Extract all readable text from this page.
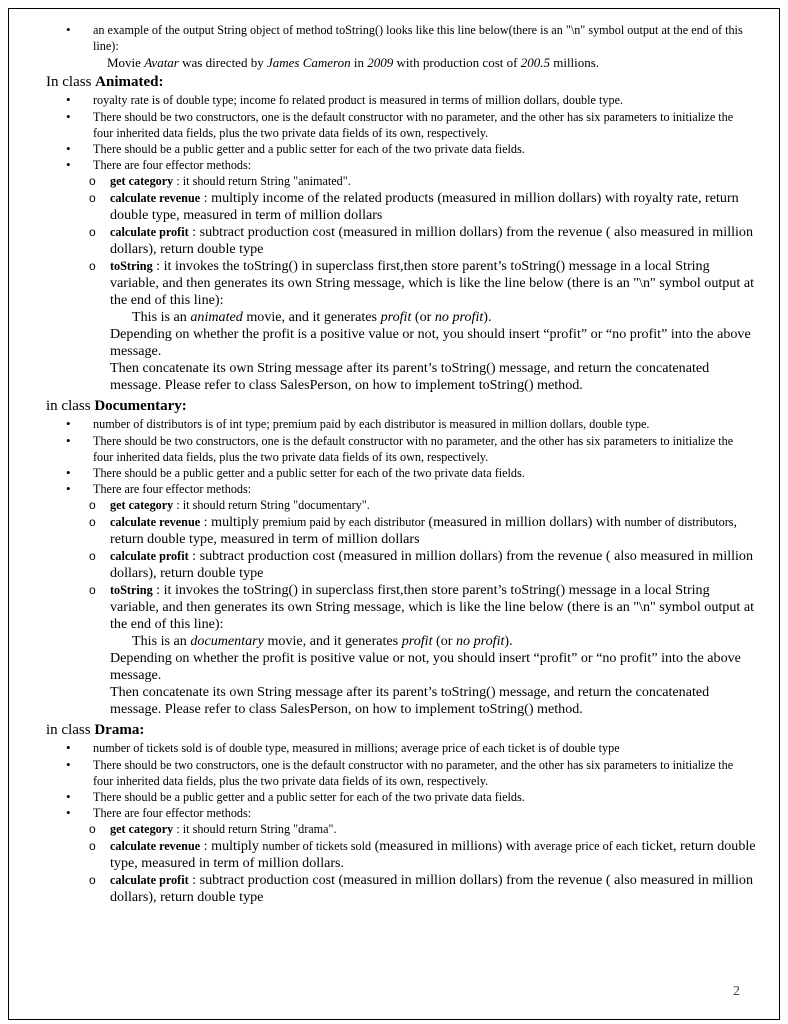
• an example of the output String object of method toString() looks like this line below(there is an "\n" symbol output at the end of this line):
Movie Avatar was directed by James Cameron in 2009 with production cost of 200.5 millions.
In class Animated:
• royalty rate is of double type; income fo related product is measured in terms of million dollars, double type.
• There should be two constructors, one is the default constructor with no parameter, and the other has six parameters to initialize the four inherited data fields, plus the two private data fields of its own, respectively.
• There should be a public getter and a public setter for each of the two private data fields.
• There are four effector methods:
o get category : it should return String "animated".
o calculate revenue : multiply income of the related products (measured in million dollars) with royalty rate, return double type, measured in term of million dollars
o calculate profit : subtract production cost (measured in million dollars) from the revenue ( also measured in million dollars), return double type
o toString : it invokes the toString() in superclass first,then store parent’s toString() message in a local String variable, and then generates its own String message, which is like the line below (there is an "\n" symbol output at the end of this line):
This is an animated movie, and it generates profit (or no profit).
Depending on whether the profit is a positive value or not, you should insert “profit” or “no profit” into the above message.
Then concatenate its own String message after its parent’s toString() message, and return the concatenated message. Please refer to class SalesPerson, on how to implement toString() method.
in class Documentary:
• number of distributors is of int type; premium paid by each distributor is measured in million dollars, double type.
• There should be two constructors, one is the default constructor with no parameter, and the other has six parameters to initialize the four inherited data fields, plus the two private data fields of its own, respectively.
• There should be a public getter and a public setter for each of the two private data fields.
• There are four effector methods:
o get category : it should return String "documentary".
o calculate revenue : multiply premium paid by each distributor (measured in million dollars) with number of distributors, return double type, measured in term of million dollars
o calculate profit : subtract production cost (measured in million dollars) from the revenue ( also measured in million dollars), return double type
o toString : it invokes the toString() in superclass first,then store parent’s toString() message in a local String variable, and then generates its own String message, which is like the line below (there is an "\n" symbol output at the end of this line):
This is an documentary movie, and it generates profit (or no profit).
Depending on whether the profit is positive value or not, you should insert “profit” or “no profit” into the above message.
Then concatenate its own String message after its parent’s toString() message, and return the concatenated message. Please refer to class SalesPerson, on how to implement toString() method.
in class Drama:
• number of tickets sold is of double type, measured in millions; average price of each ticket is of double type
• There should be two constructors, one is the default constructor with no parameter, and the other has six parameters to initialize the four inherited data fields, plus the two private data fields of its own, respectively.
• There should be a public getter and a public setter for each of the two private data fields.
• There are four effector methods:
o get category : it should return String "drama".
o calculate revenue : multiply number of tickets sold (measured in millions) with average price of each ticket, return double type, measured in term of million dollars.
o calculate profit : subtract production cost (measured in million dollars) from the revenue ( also measured in million dollars), return double type
2
